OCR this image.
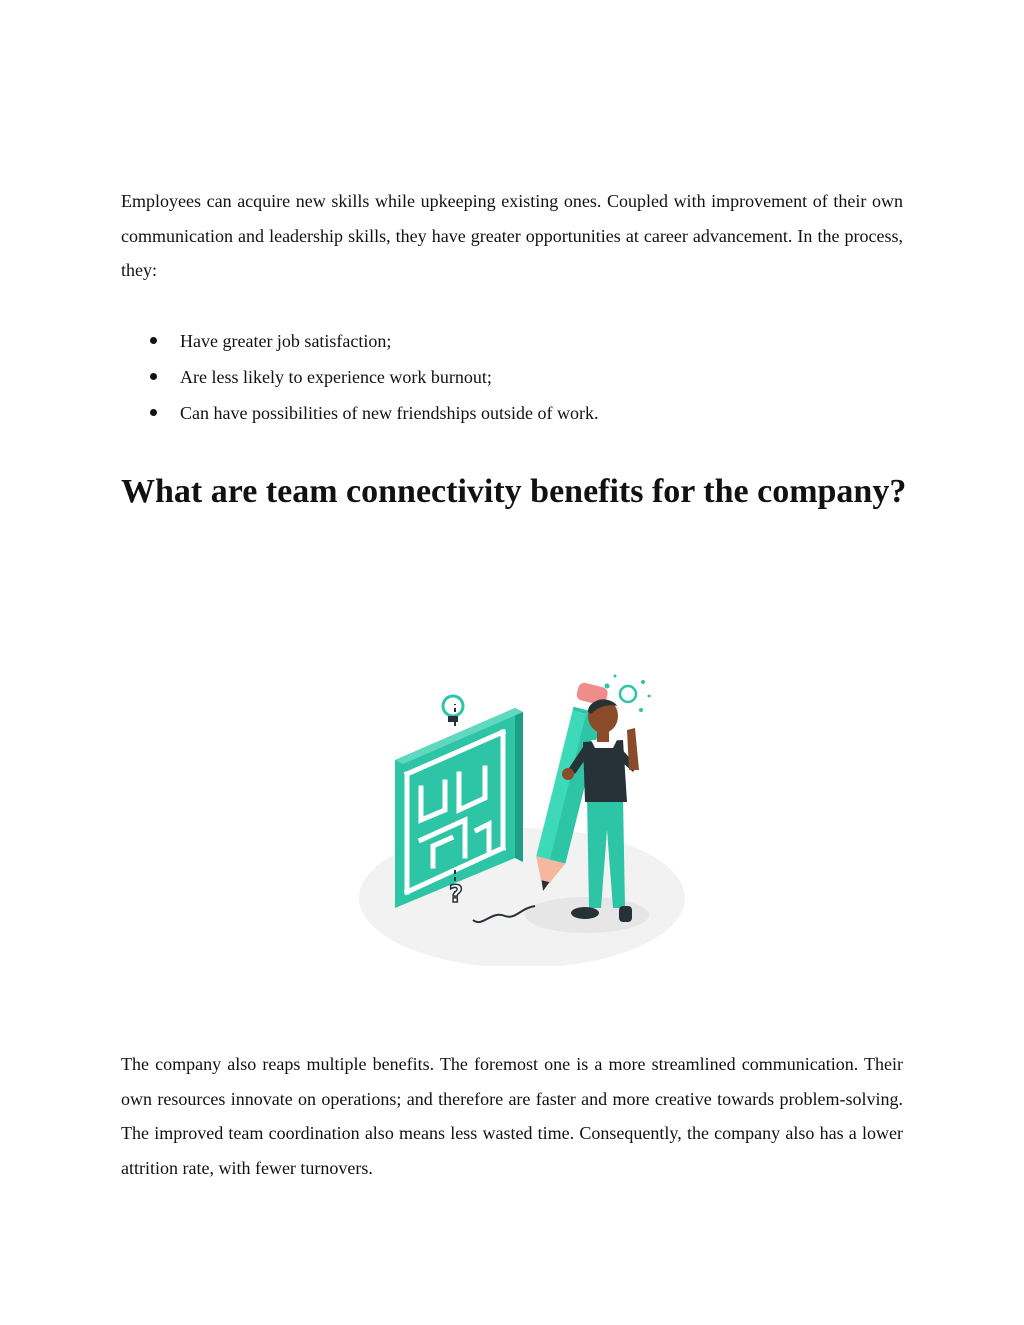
Employees can acquire new skills while upkeeping existing ones. Coupled with improvement of their own communication and leadership skills, they have greater opportunities at career advancement. In the process, they:

Have greater job satisfaction;
Are less likely to experience work burnout;
Can have possibilities of new friendships outside of work.
What are team connectivity benefits for the company?
?

The company also reaps multiple benefits. The foremost one is a more streamlined communication. Their own resources innovate on operations; and therefore are faster and more creative towards problem-solving. The improved team coordination also means less wasted time. Consequently, the company also has a lower attrition rate, with fewer turnovers.
